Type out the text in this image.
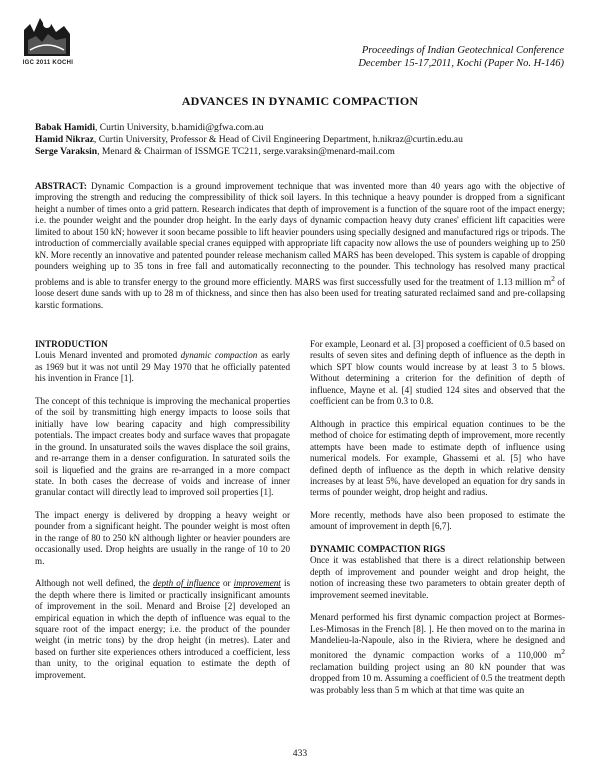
IGC 2011 KOCHI
Proceedings of Indian Geotechnical Conference
December 15-17,2011, Kochi (Paper No. H-146)
ADVANCES IN DYNAMIC COMPACTION
Babak Hamidi, Curtin University, b.hamidi@gfwa.com.au
Hamid Nikraz, Curtin University, Professor & Head of Civil Engineering Department, h.nikraz@curtin.edu.au
Serge Varaksin, Menard & Chairman of ISSMGE TC211, serge.varaksin@menard-mail.com
ABSTRACT: Dynamic Compaction is a ground improvement technique that was invented more than 40 years ago with the objective of improving the strength and reducing the compressibility of thick soil layers. In this technique a heavy pounder is dropped from a significant height a number of times onto a grid pattern. Research indicates that depth of improvement is a function of the square root of the impact energy; i.e. the pounder weight and the pounder drop height. In the early days of dynamic compaction heavy duty cranes' efficient lift capacities were limited to about 150 kN; however it soon became possible to lift heavier pounders using specially designed and manufactured rigs or tripods. The introduction of commercially available special cranes equipped with appropriate lift capacity now allows the use of pounders weighing up to 250 kN. More recently an innovative and patented pounder release mechanism called MARS has been developed. This system is capable of dropping pounders weighing up to 35 tons in free fall and automatically reconnecting to the pounder. This technology has resolved many practical problems and is able to transfer energy to the ground more efficiently. MARS was first successfully used for the treatment of 1.13 million $m^2$ of loose desert dune sands with up to 28 m of thickness, and since then has also been used for treating saturated reclaimed sand and pre-collapsing karstic formations.
INTRODUCTION

Louis Menard invented and promoted dynamic compaction as early as 1969 but it was not until 29 May 1970 that he officially patented his invention in France [1].

The concept of this technique is improving the mechanical properties of the soil by transmitting high energy impacts to loose soils that initially have low bearing capacity and high compressibility potentials. The impact creates body and surface waves that propagate in the ground. In unsaturated soils the waves displace the soil grains, and re-arrange them in a denser configuration. In saturated soils the soil is liquefied and the grains are re-arranged in a more compact state. In both cases the decrease of voids and increase of inner granular contact will directly lead to improved soil properties [1].

The impact energy is delivered by dropping a heavy weight or pounder from a significant height. The pounder weight is most often in the range of 80 to 250 kN although lighter or heavier pounders are occasionally used. Drop heights are usually in the range of 10 to 20 m.

Although not well defined, the depth of influence or improvement is the depth where there is limited or practically insignificant amounts of improvement in the soil. Menard and Broise [2] developed an empirical equation in which the depth of influence was equal to the square root of the impact energy; i.e. the product of the pounder weight (in metric tons) by the drop height (in metres). Later and based on further site experiences others introduced a coefficient, less than unity, to the original equation to estimate the depth of improvement.

For example, Leonard et al. [3] proposed a coefficient of 0.5 based on results of seven sites and defining depth of influence as the depth in which SPT blow counts would increase by at least 3 to 5 blows. Without determining a criterion for the definition of depth of influence, Mayne et al. [4] studied 124 sites and observed that the coefficient can be from 0.3 to 0.8.

Although in practice this empirical equation continues to be the method of choice for estimating depth of improvement, more recently attempts have been made to estimate depth of influence using numerical models. For example, Ghassemi et al. [5] who have defined depth of influence as the depth in which relative density increases by at least 5%, have developed an equation for dry sands in terms of pounder weight, drop height and radius.

More recently, methods have also been proposed to estimate the amount of improvement in depth [6,7].

DYNAMIC COMPACTION RIGS

Once it was established that there is a direct relationship between depth of improvement and pounder weight and drop height, the notion of increasing these two parameters to obtain greater depth of improvement seemed inevitable.

Menard performed his first dynamic compaction project at Bormes-Les-Mimosas in the French [8]. ]. He then moved on to the marina in Mandelieu-la-Napoule, also in the Riviera, where he designed and monitored the dynamic compaction works of a 110,000 $m^2$ reclamation building project using an 80 kN pounder that was dropped from 10 m. Assuming a coefficient of 0.5 the treatment depth was probably less than 5 m which at that time was quite an

433
